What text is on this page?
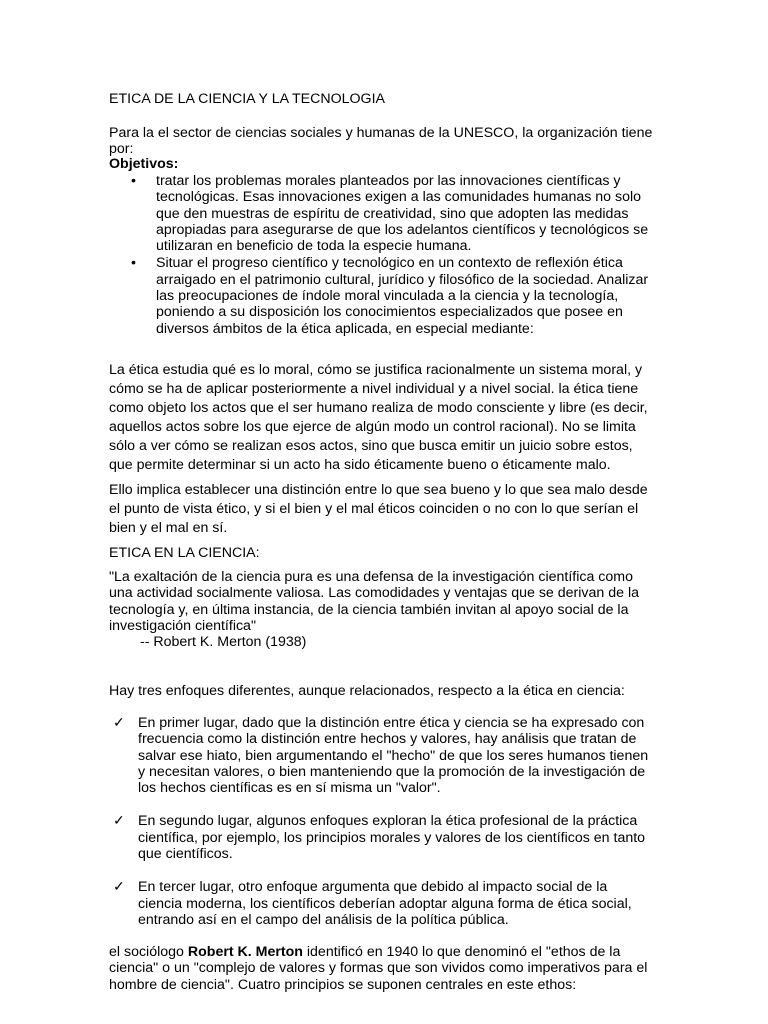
ETICA DE LA CIENCIA Y LA TECNOLOGIA

Para la el sector de ciencias sociales y humanas de la UNESCO, la organización tiene por:

Objetivos:

• tratar los problemas morales planteados por las innovaciones científicas y tecnológicas. Esas innovaciones exigen a las comunidades humanas no solo que den muestras de espíritu de creatividad, sino que adopten las medidas apropiadas para asegurarse de que los adelantos científicos y tecnológicos se utilizaran en beneficio de toda la especie humana.
• Situar el progreso científico y tecnológico en un contexto de reflexión ética arraigado en el patrimonio cultural, jurídico y filosófico de la sociedad. Analizar las preocupaciones de índole moral vinculada a la ciencia y la tecnología, poniendo a su disposición los conocimientos especializados que posee en diversos ámbitos de la ética aplicada, en especial mediante:

La ética estudia qué es lo moral, cómo se justifica racionalmente un sistema moral, y cómo se ha de aplicar posteriormente a nivel individual y a nivel social. la ética tiene como objeto los actos que el ser humano realiza de modo consciente y libre (es decir, aquellos actos sobre los que ejerce de algún modo un control racional). No se limita sólo a ver cómo se realizan esos actos, sino que busca emitir un juicio sobre estos, que permite determinar si un acto ha sido éticamente bueno o éticamente malo.

Ello implica establecer una distinción entre lo que sea bueno y lo que sea malo desde el punto de vista ético, y si el bien y el mal éticos coinciden o no con lo que serían el bien y el mal en sí.

ETICA EN LA CIENCIA:

"La exaltación de la ciencia pura es una defensa de la investigación científica como una actividad socialmente valiosa. Las comodidades y ventajas que se derivan de la tecnología y, en última instancia, de la ciencia también invitan al apoyo social de la investigación científica"
-- Robert K. Merton (1938)

Hay tres enfoques diferentes, aunque relacionados, respecto a la ética en ciencia:

✓ En primer lugar, dado que la distinción entre ética y ciencia se ha expresado con frecuencia como la distinción entre hechos y valores, hay análisis que tratan de salvar ese hiato, bien argumentando el "hecho" de que los seres humanos tienen y necesitan valores, o bien manteniendo que la promoción de la investigación de los hechos científicas es en sí misma un "valor".
✓ En segundo lugar, algunos enfoques exploran la ética profesional de la práctica científica, por ejemplo, los principios morales y valores de los científicos en tanto que científicos.
✓ En tercer lugar, otro enfoque argumenta que debido al impacto social de la ciencia moderna, los científicos deberían adoptar alguna forma de ética social, entrando así en el campo del análisis de la política pública.

el sociólogo Robert K. Merton identificó en 1940 lo que denominó el "ethos de la ciencia" o un "complejo de valores y formas que son vividos como imperativos para el hombre de ciencia". Cuatro principios se suponen centrales en este ethos:
